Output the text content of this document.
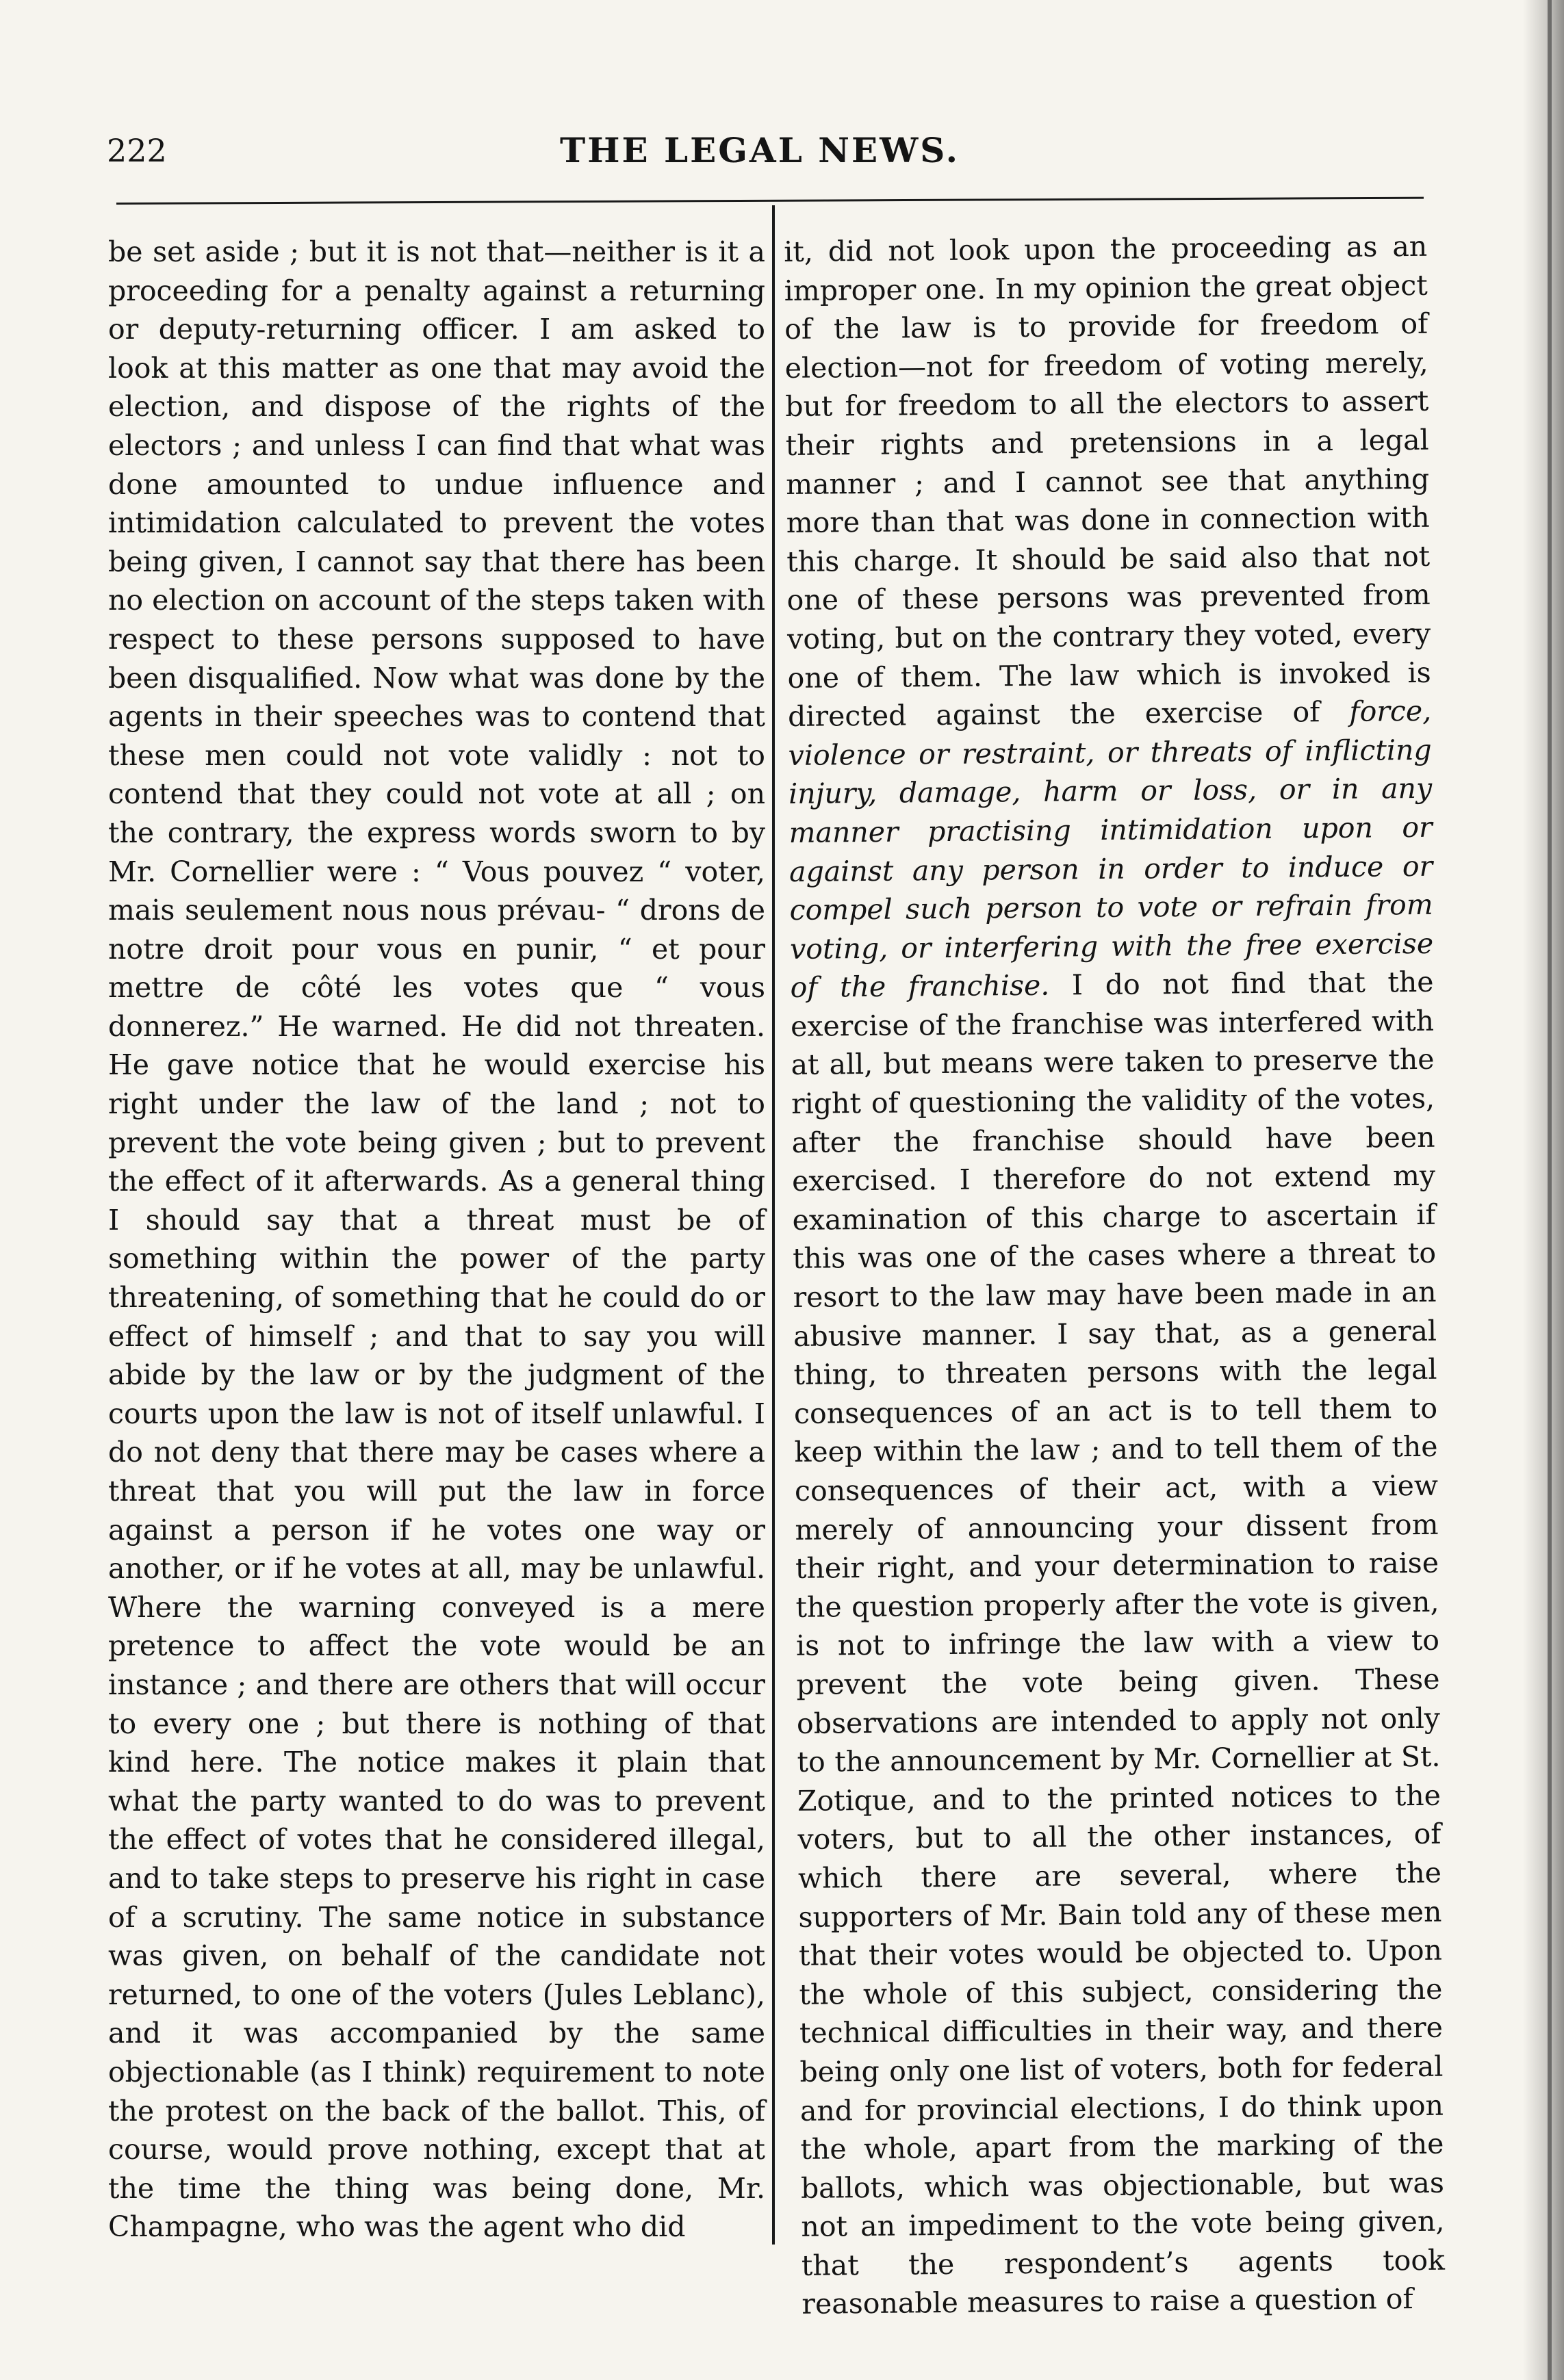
222	THE LEGAL NEWS.

be set aside ; but it is not that—neither is it a proceeding for a penalty against a returning or deputy-returning officer. I am asked to look at this matter as one that may avoid the election, and dispose of the rights of the electors ; and unless I can find that what was done amounted to undue influence and intimidation calculated to prevent the votes being given, I cannot say that there has been no election on account of the steps taken with respect to these persons supposed to have been disqualified. Now what was done by the agents in their speeches was to contend that these men could not vote validly : not to contend that they could not vote at all ; on the contrary, the express words sworn to by Mr. Cornellier were : “ Vous pouvez “ voter, mais seulement nous nous prévau- “ drons de notre droit pour vous en punir, “ et pour mettre de côté les votes que “ vous donnerez.” He warned. He did not threaten. He gave notice that he would exercise his right under the law of the land ; not to prevent the vote being given ; but to prevent the effect of it afterwards. As a general thing I should say that a threat must be of something within the power of the party threatening, of something that he could do or effect of himself ; and that to say you will abide by the law or by the judgment of the courts upon the law is not of itself unlawful. I do not deny that there may be cases where a threat that you will put the law in force against a person if he votes one way or another, or if he votes at all, may be unlawful. Where the warning conveyed is a mere pretence to affect the vote would be an instance ; and there are others that will occur to every one ; but there is nothing of that kind here. The notice makes it plain that what the party wanted to do was to prevent the effect of votes that he considered illegal, and to take steps to preserve his right in case of a scrutiny. The same notice in substance was given, on behalf of the candidate not returned, to one of the voters (Jules Leblanc), and it was accompanied by the same objectionable (as I think) requirement to note the protest on the back of the ballot. This, of course, would prove nothing, except that at the time the thing was being done, Mr. Champagne, who was the agent who did

it, did not look upon the proceeding as an improper one. In my opinion the great object of the law is to provide for freedom of election—not for freedom of voting merely, but for freedom to all the electors to assert their rights and pretensions in a legal manner ; and I cannot see that anything more than that was done in connection with this charge. It should be said also that not one of these persons was prevented from voting, but on the contrary they voted, every one of them. The law which is invoked is directed against the exercise of force, violence or restraint, or threats of inflicting injury, damage, harm or loss, or in any manner practising intimidation upon or against any person in order to induce or compel such person to vote or refrain from voting, or interfering with the free exercise of the franchise. I do not find that the exercise of the franchise was interfered with at all, but means were taken to preserve the right of questioning the validity of the votes, after the franchise should have been exercised. I therefore do not extend my examination of this charge to ascertain if this was one of the cases where a threat to resort to the law may have been made in an abusive manner. I say that, as a general thing, to threaten persons with the legal consequences of an act is to tell them to keep within the law ; and to tell them of the consequences of their act, with a view merely of announcing your dissent from their right, and your determination to raise the question properly after the vote is given, is not to infringe the law with a view to prevent the vote being given. These observations are intended to apply not only to the announcement by Mr. Cornellier at St. Zotique, and to the printed notices to the voters, but to all the other instances, of which there are several, where the supporters of Mr. Bain told any of these men that their votes would be objected to. Upon the whole of this subject, considering the technical difficulties in their way, and there being only one list of voters, both for federal and for provincial elections, I do think upon the whole, apart from the marking of the ballots, which was objectionable, but was not an impediment to the vote being given, that the respondent’s agents took reasonable measures to raise a question of
